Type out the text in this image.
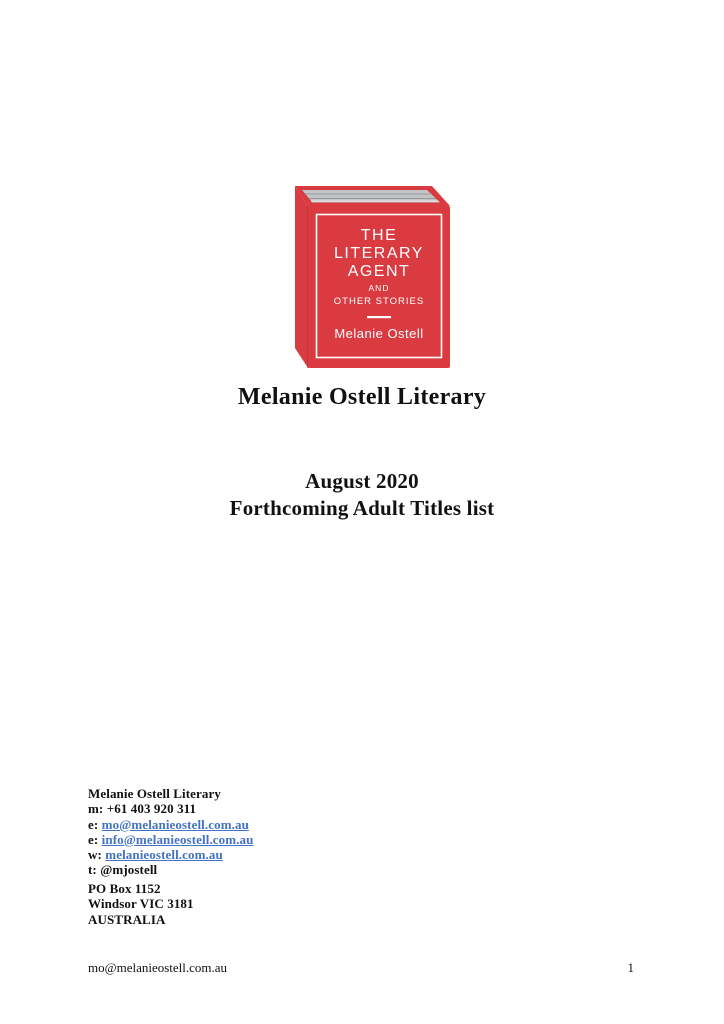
THE
LITERARY
AGENT
AND
OTHER STORIES
Melanie Ostell
Melanie Ostell Literary
August 2020
Forthcoming Adult Titles list
Melanie Ostell Literary
m: +61 403 920 311
e: mo@melanieostell.com.au
e: info@melanieostell.com.au
w: melanieostell.com.au
t: @mjostell
PO Box 1152
Windsor VIC 3181
AUSTRALIA
mo@melanieostell.com.au	1
